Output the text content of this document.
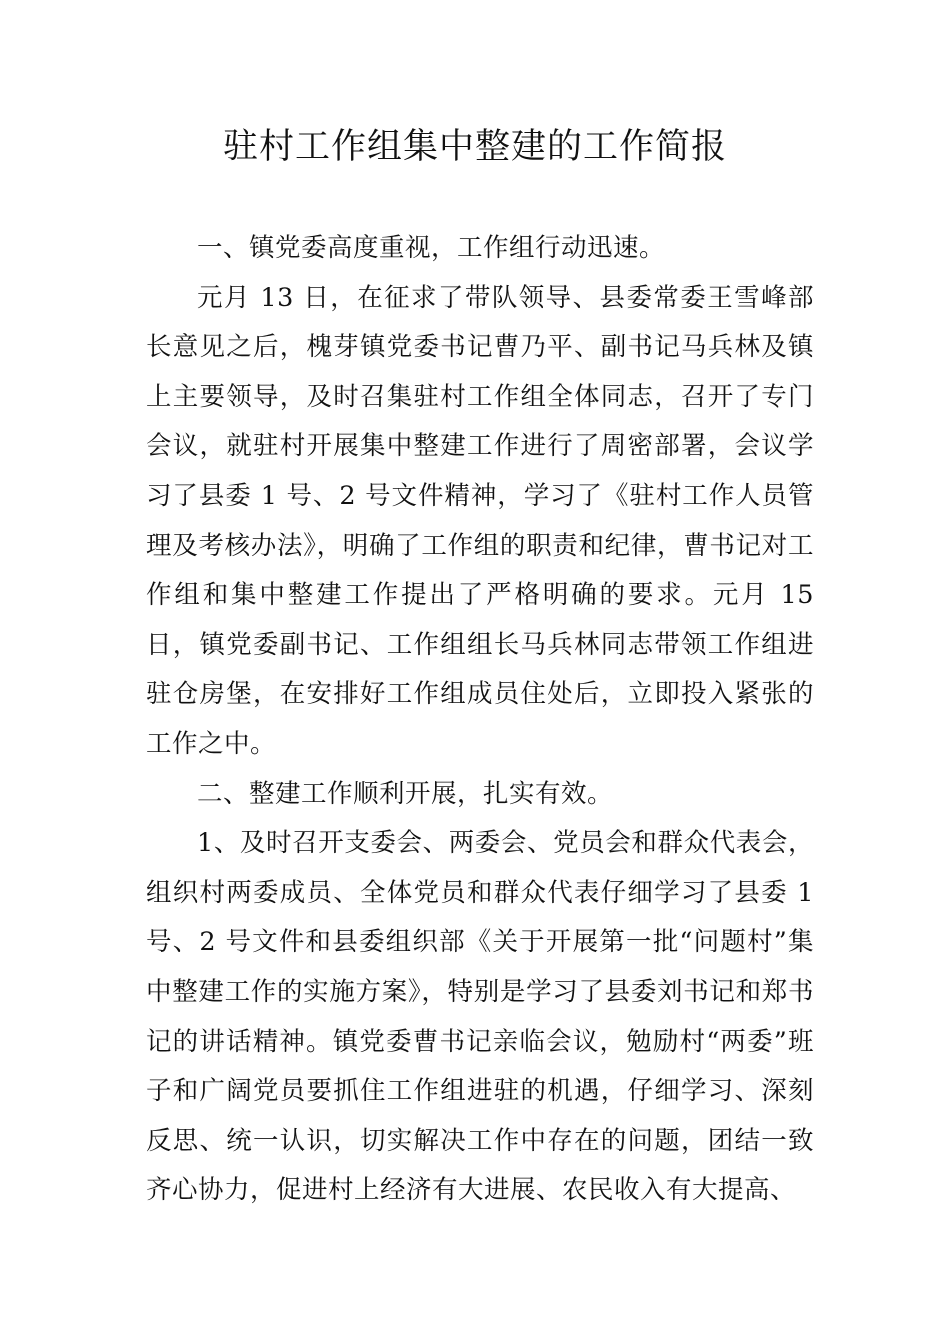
驻村工作组集中整建的工作简报

一、镇党委高度重视，工作组行动迅速。

元月 13 日，在征求了带队领导、县委常委王雪峰部长意见之后，槐芽镇党委书记曹乃平、副书记马兵林及镇上主要领导，及时召集驻村工作组全体同志，召开了专门会议，就驻村开展集中整建工作进行了周密部署，会议学习了县委 1 号、2 号文件精神，学习了《驻村工作人员管理及考核办法》，明确了工作组的职责和纪律，曹书记对工作组和集中整建工作提出了严格明确的要求。元月 15 日，镇党委副书记、工作组组长马兵林同志带领工作组进驻仓房堡，在安排好工作组成员住处后，立即投入紧张的工作之中。

二、整建工作顺利开展，扎实有效。

1、及时召开支委会、两委会、党员会和群众代表会，组织村两委成员、全体党员和群众代表仔细学习了县委 1 号、2 号文件和县委组织部《关于开展第一批“问题村”集中整建工作的实施方案》，特别是学习了县委刘书记和郑书记的讲话精神。镇党委曹书记亲临会议，勉励村“两委”班子和广阔党员要抓住工作组进驻的机遇，仔细学习、深刻反思、统一认识，切实解决工作中存在的问题，团结一致齐心协力，促进村上经济有大进展、农民收入有大提高、
